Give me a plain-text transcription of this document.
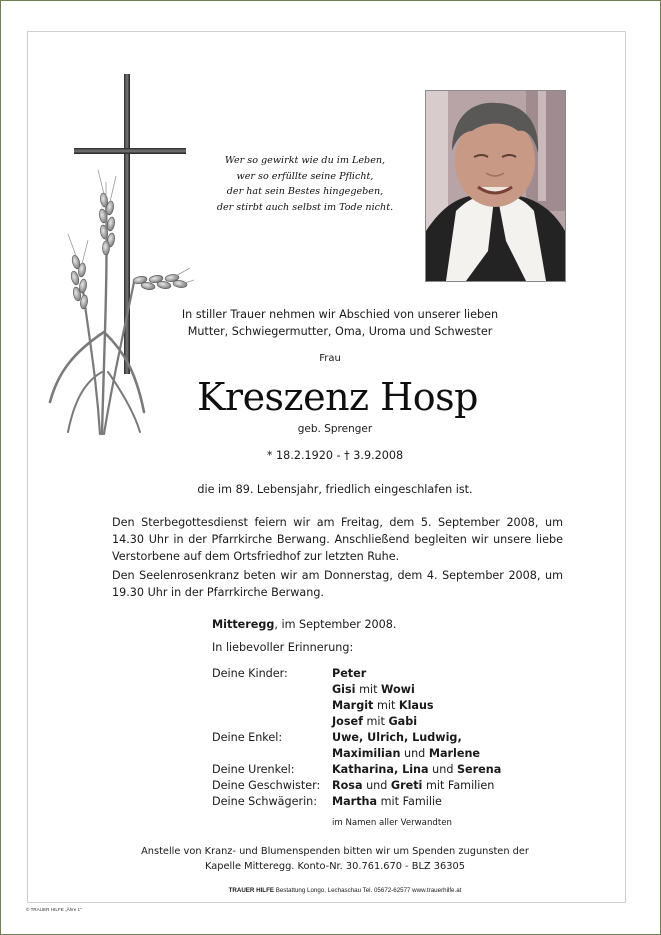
Wer so gewirkt wie du im Leben,
wer so erfüllte seine Pflicht,
der hat sein Bestes hingegeben,
der stirbt auch selbst im Tode nicht.
In stiller Trauer nehmen wir Abschied von unserer lieben
Mutter, Schwiegermutter, Oma, Uroma und Schwester
Frau
Kreszenz Hosp
geb. Sprenger
* 18.2.1920 - † 3.9.2008
die im 89. Lebensjahr, friedlich eingeschlafen ist.
Den Sterbegottesdienst feiern wir am Freitag, dem 5. September 2008, um 14.30 Uhr in der Pfarrkirche Berwang. Anschließend begleiten wir unsere liebe Verstorbene auf dem Ortsfriedhof zur letzten Ruhe.
Den Seelenrosenkranz beten wir am Donnerstag, dem 4. September 2008, um 19.30 Uhr in der Pfarrkirche Berwang.
Mitteregg, im September 2008.
In liebevoller Erinnerung:
Deine Kinder:	Peter
Gisi mit Wowi
Margit mit Klaus
Josef mit Gabi
Deine Enkel:	Uwe, Ulrich, Ludwig,
Maximilian und Marlene
Deine Urenkel:	Katharina, Lina und Serena
Deine Geschwister: Rosa und Greti mit Familien
Deine Schwägerin: Martha mit Familie
im Namen aller Verwandten
Anstelle von Kranz- und Blumenspenden bitten wir um Spenden zugunsten der
Kapelle Mitteregg. Konto-Nr. 30.761.670 - BLZ 36305
TRAUER HILFE Bestattung Longo, Lechaschau Tel. 05672-62577 www.trauerhilfe.at
© TRAUER HILFE „Ähre 1"
